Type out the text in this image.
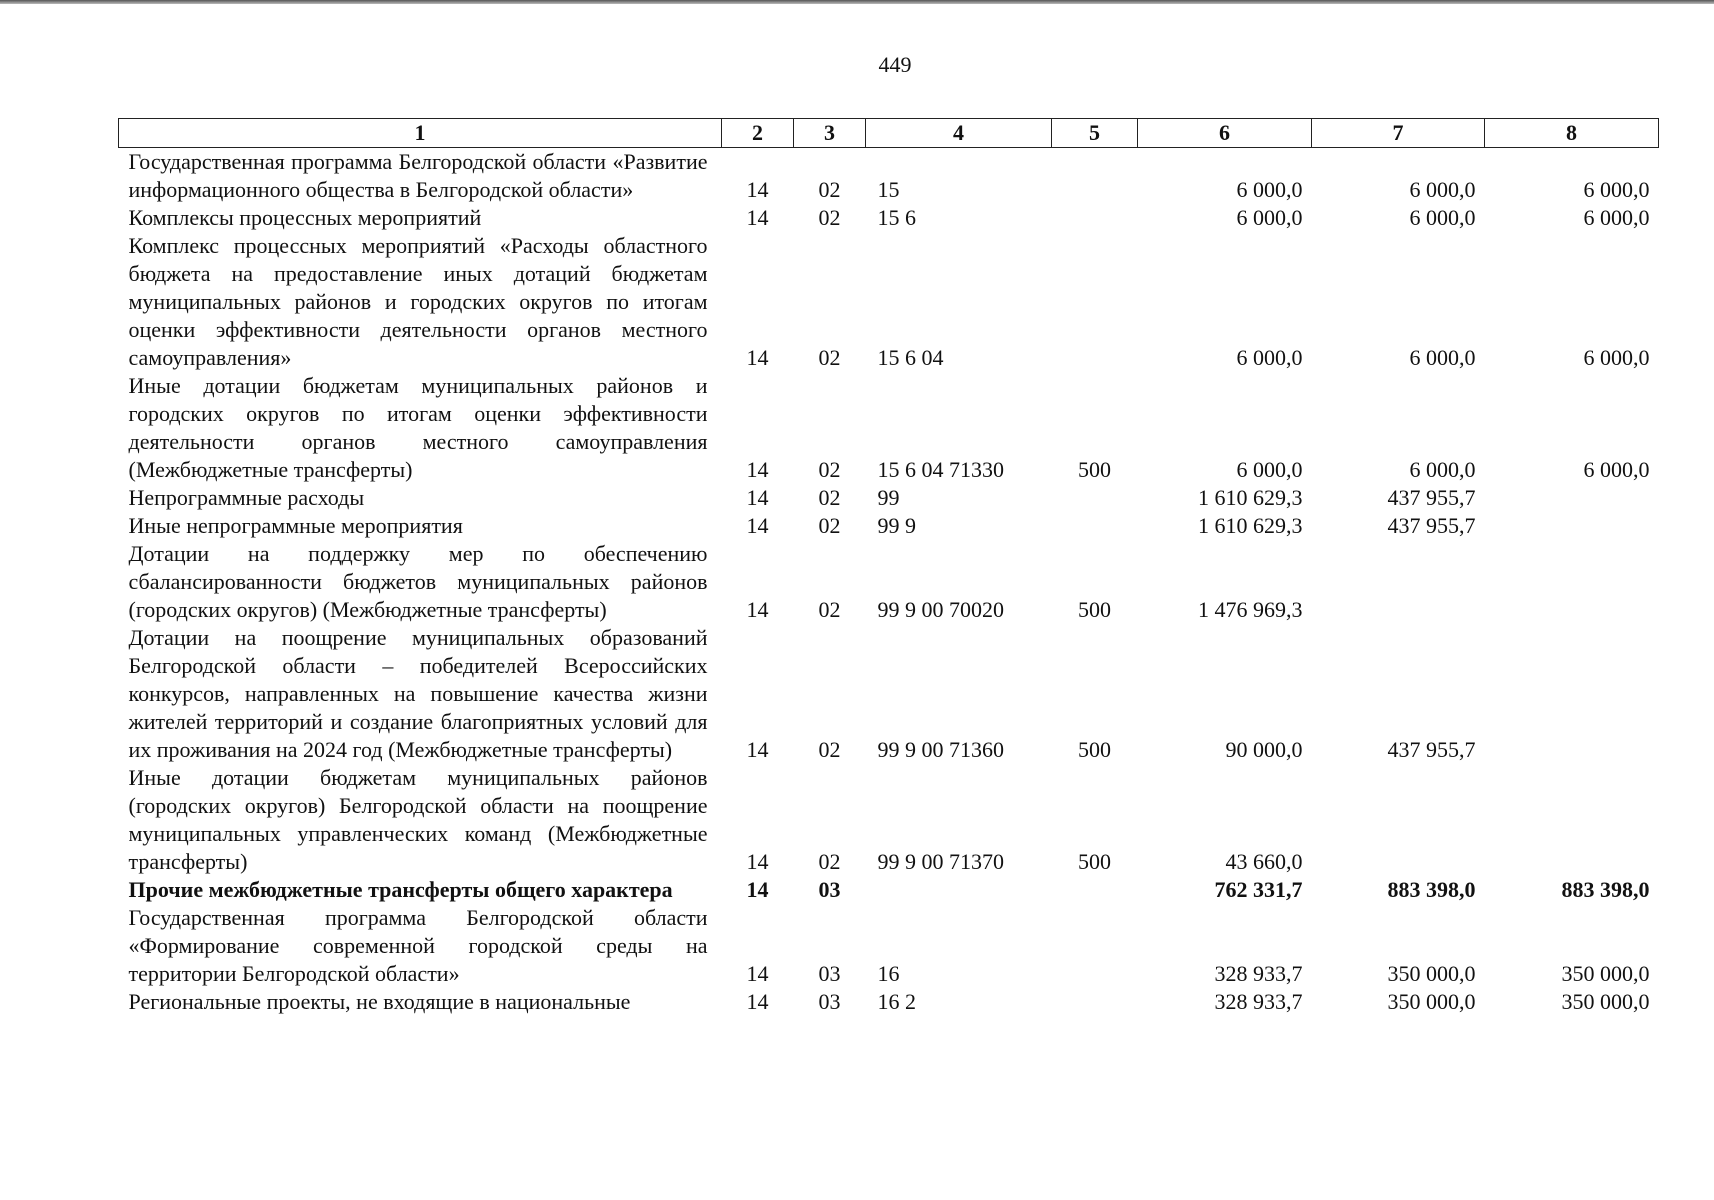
449
1	2	3	4	5	6	7	8
Государственная программа Белгородской области «Развитие информационного общества в Белгородской области»	14	02	15		6 000,0	6 000,0	6 000,0
Комплексы процессных мероприятий	14	02	15 6		6 000,0	6 000,0	6 000,0
Комплекс процессных мероприятий «Расходы областного бюджета на предоставление иных дотаций бюджетам муниципальных районов и городских округов по итогам оценки эффективности деятельности органов местного самоуправления»	14	02	15 6 04		6 000,0	6 000,0	6 000,0
Иные дотации бюджетам муниципальных районов и городских округов по итогам оценки эффективности деятельности органов местного самоуправления (Межбюджетные трансферты)	14	02	15 6 04 71330	500	6 000,0	6 000,0	6 000,0
Непрограммные расходы	14	02	99		1 610 629,3	437 955,7	
Иные непрограммные мероприятия	14	02	99 9		1 610 629,3	437 955,7	
Дотации на поддержку мер по обеспечению сбалансированности бюджетов муниципальных районов (городских округов) (Межбюджетные трансферты)	14	02	99 9 00 70020	500	1 476 969,3		
Дотации на поощрение муниципальных образований Белгородской области – победителей Всероссийских конкурсов, направленных на повышение качества жизни жителей территорий и создание благоприятных условий для их проживания на 2024 год (Межбюджетные трансферты)	14	02	99 9 00 71360	500	90 000,0	437 955,7	
Иные дотации бюджетам муниципальных районов (городских округов) Белгородской области на поощрение муниципальных управленческих команд (Межбюджетные трансферты)	14	02	99 9 00 71370	500	43 660,0		
Прочие межбюджетные трансферты общего характера	14	03			762 331,7	883 398,0	883 398,0
Государственная программа Белгородской области «Формирование современной городской среды на территории Белгородской области»	14	03	16		328 933,7	350 000,0	350 000,0
Региональные проекты, не входящие в национальные	14	03	16 2		328 933,7	350 000,0	350 000,0
